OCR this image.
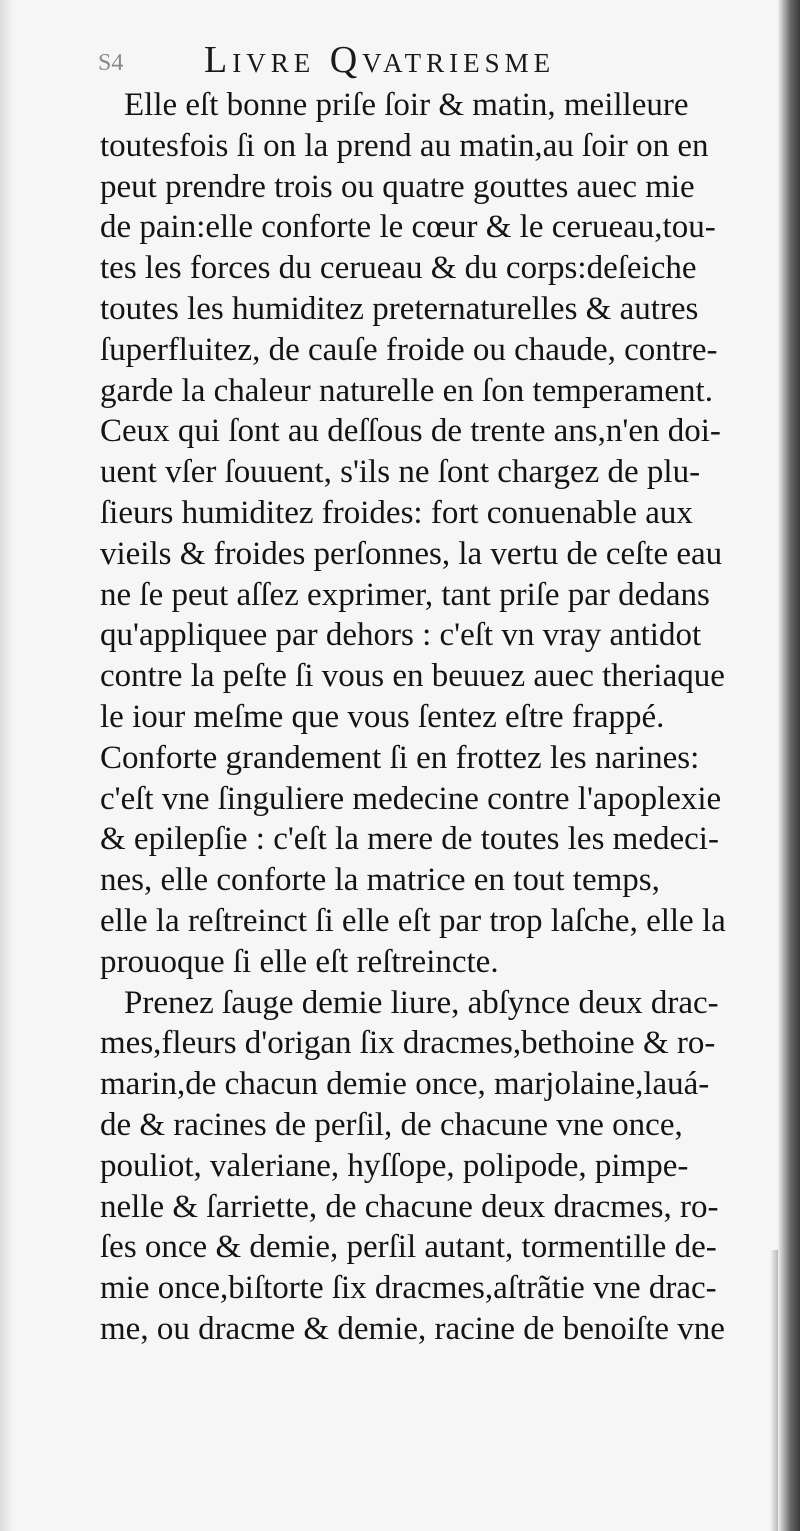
S4 Livre Qvatriesme
Elle eſt bonne priſe ſoir & matin, meilleure
toutesfois ſi on la prend au matin,au ſoir on en
peut prendre trois ou quatre gouttes auec mie
de pain:elle conforte le cœur & le cerueau,tou-
tes les forces du cerueau & du corps:deſeiche
toutes les humiditez preternaturelles & autres
ſuperfluitez, de cauſe froide ou chaude, contre-
garde la chaleur naturelle en ſon temperament.
Ceux qui ſont au deſſous de trente ans,n'en doi-
uent vſer ſouuent, s'ils ne ſont chargez de plu-
ſieurs humiditez froides: fort conuenable aux
vieils & froides perſonnes, la vertu de ceſte eau
ne ſe peut aſſez exprimer, tant priſe par dedans
qu'appliquee par dehors : c'eſt vn vray antidot
contre la peſte ſi vous en beuuez auec theriaque
le iour meſme que vous ſentez eſtre frappé.
Conforte grandement ſi en frottez les narines:
c'eſt vne ſinguliere medecine contre l'apoplexie
& epilepſie : c'eſt la mere de toutes les medeci-
nes, elle conforte la matrice en tout temps,
elle la reſtreinct ſi elle eſt par trop laſche, elle la
prouoque ſi elle eſt reſtreincte.
Prenez ſauge demie liure, abſynce deux drac-
mes,fleurs d'origan ſix dracmes,bethoine & ro-
marin,de chacun demie once, marjolaine,lauá-
de & racines de perſil, de chacune vne once,
pouliot, valeriane, hyſſope, polipode, pimpe-
nelle & ſarriette, de chacune deux dracmes, ro-
ſes once & demie, perſil autant, tormentille de-
mie once,biſtorte ſix dracmes,aſtrãtie vne drac-
me, ou dracme & demie, racine de benoiſte vne
